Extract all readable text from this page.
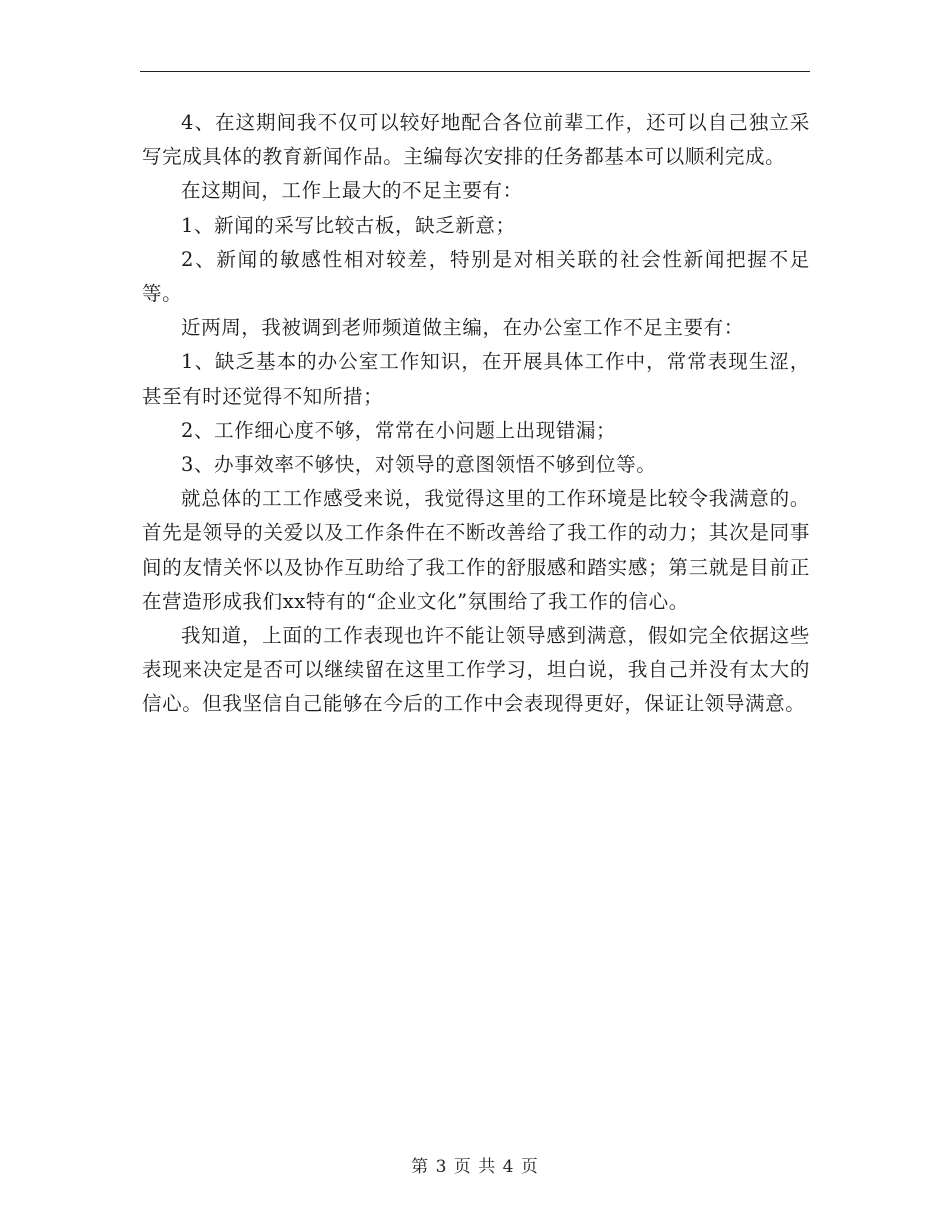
4、在这期间我不仅可以较好地配合各位前辈工作，还可以自己独立采写完成具体的教育新闻作品。主编每次安排的任务都基本可以顺利完成。

在这期间，工作上最大的不足主要有：

1、新闻的采写比较古板，缺乏新意；

2、新闻的敏感性相对较差，特别是对相关联的社会性新闻把握不足等。

近两周，我被调到老师频道做主编，在办公室工作不足主要有：

1、缺乏基本的办公室工作知识，在开展具体工作中，常常表现生涩，甚至有时还觉得不知所措；

2、工作细心度不够，常常在小问题上出现错漏；

3、办事效率不够快，对领导的意图领悟不够到位等。

就总体的工工作感受来说，我觉得这里的工作环境是比较令我满意的。首先是领导的关爱以及工作条件在不断改善给了我工作的动力；其次是同事间的友情关怀以及协作互助给了我工作的舒服感和踏实感；第三就是目前正在营造形成我们xx特有的“企业文化”氛围给了我工作的信心。

我知道，上面的工作表现也许不能让领导感到满意，假如完全依据这些表现来决定是否可以继续留在这里工作学习，坦白说，我自己并没有太大的信心。但我坚信自己能够在今后的工作中会表现得更好，保证让领导满意。

第 3 页 共 4 页
